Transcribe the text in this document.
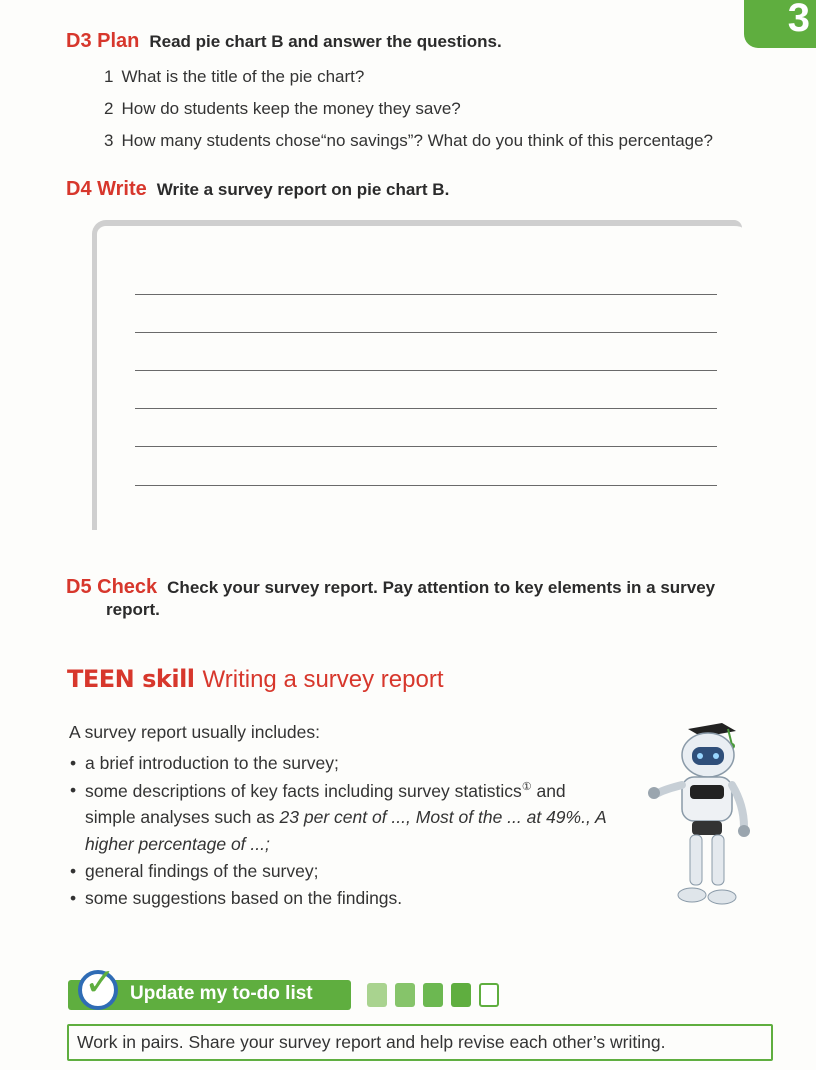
3
D3 Plan Read pie chart B and answer the questions.
1 What is the title of the pie chart?
2 How do students keep the money they save?
3 How many students chose“no savings”? What do you think of this percentage?
D4 Write Write a survey report on pie chart B.
D5 Check Check your survey report. Pay attention to key elements in a survey
report.
TEEN skill Writing a survey report
A survey report usually includes:
• a brief introduction to the survey;
• some descriptions of key facts including survey statistics① and
simple analyses such as 23 per cent of ..., Most of the ... at 49%., A
higher percentage of ...;
• general findings of the survey;
• some suggestions based on the findings.
✓ Update my to-do list
Work in pairs. Share your survey report and help revise each other’s writing.
